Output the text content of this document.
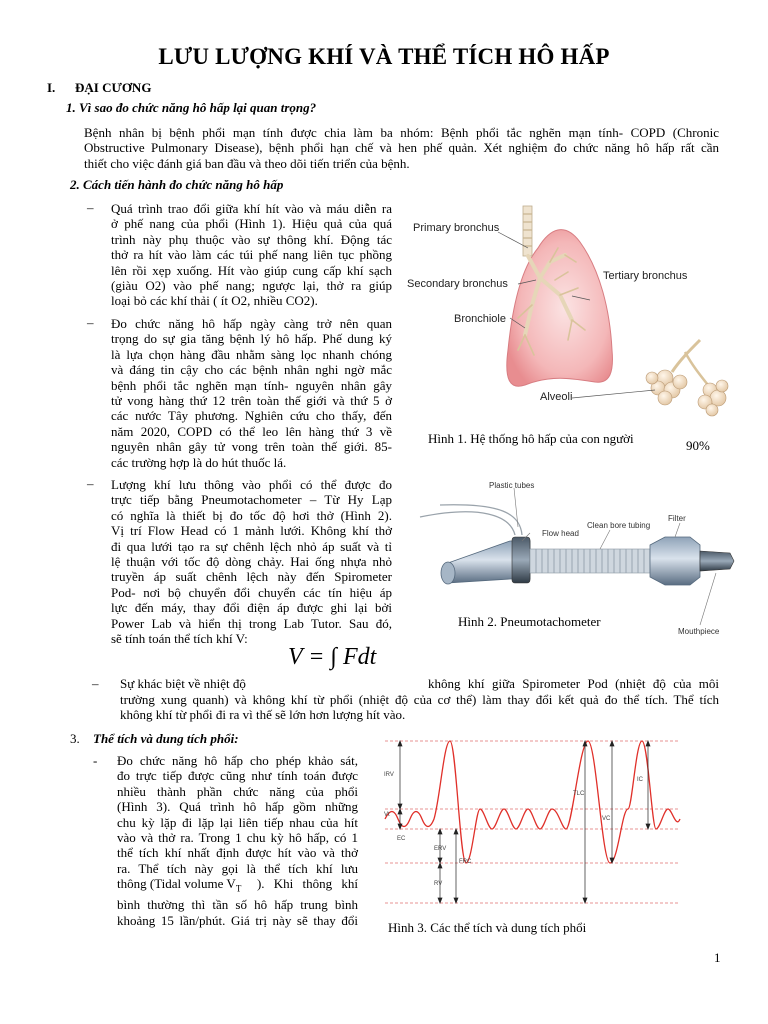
LƯU LƯỢNG KHÍ VÀ THỂ TÍCH HÔ HẤP
I. ĐẠI CƯƠNG
1. Vì sao đo chức năng hô hấp lại quan trọng?
Bệnh nhân bị bệnh phổi mạn tính được chia làm ba nhóm: Bệnh phổi tắc nghẽn mạn tính- COPD (Chronic
Obstructive Pulmonary Disease), bệnh phổi hạn chế và hen phế quản. Xét nghiệm đo chức năng hô hấp rất cần
thiết cho việc đánh giá ban đầu và theo dõi tiến triển của bệnh.
2. Cách tiến hành đo chức năng hô hấp
– Quá trình trao đổi giữa khí hít vào và máu diễn ra
ở phế nang của phổi (Hình 1). Hiệu quả của quá
trình này phụ thuộc vào sự thông khí. Động tác
thở ra hít vào làm các túi phế nang liên tục phồng
lên rồi xẹp xuống. Hít vào giúp cung cấp khí sạch
(giàu O2) vào phế nang; ngược lại, thở ra giúp
loại bỏ các khí thải ( ít O2, nhiều CO2).
– Đo chức năng hô hấp ngày càng trở nên quan
trọng do sự gia tăng bệnh lý hô hấp. Phế dung ký
là lựa chọn hàng đầu nhằm sàng lọc nhanh chóng
và đáng tin cậy cho các bệnh nhân nghi ngờ mắc
bệnh phổi tắc nghẽn mạn tính- nguyên nhân gây
tử vong hàng thứ 12 trên toàn thế giới và thứ 5 ở
các nước Tây phương. Nghiên cứu cho thấy, đến
năm 2020, COPD có thể leo lên hàng thứ 3 về
nguyên nhân gây tử vong trên toàn thế giới. 85-
các trường hợp là do hút thuốc lá.
– Lượng khí lưu thông vào phổi có thể được đo
trực tiếp bằng Pneumotachometer – Từ Hy Lạp
có nghĩa là thiết bị đo tốc độ hơi thở (Hình 2).
Vị trí Flow Head có 1 mảnh lưới. Không khí thở
đi qua lưới tạo ra sự chênh lệch nhỏ áp suất và tỉ
lệ thuận với tốc độ dòng chảy. Hai ống nhựa nhỏ
truyền áp suất chênh lệch này đến Spirometer
Pod- nơi bộ chuyển đổi chuyển các tín hiệu áp
lực đến máy, thay đổi điện áp được ghi lại bởi
Power Lab và hiển thị trong Lab Tutor. Sau đó,
sẽ tính toán thể tích khí V:
V = ∫ Fdt
– Sự khác biệt về nhiệt độ	không khí giữa Spirometer Pod (nhiệt độ của môi
trường xung quanh) và không khí từ phổi (nhiệt độ của cơ thể) làm thay đổi kết quả đo thể tích. Thể tích
không khí từ phổi đi ra vì thế sẽ lớn hơn lượng hít vào.
3. Thể tích và dung tích phổi:
- Đo chức năng hô hấp cho phép khảo sát,
đo trực tiếp được cũng như tính toán được
nhiều thành phần chức năng của phổi
(Hình 3). Quá trình hô hấp gồm những
chu kỳ lặp đi lặp lại liên tiếp nhau của hít
vào và thở ra. Trong 1 chu kỳ hô hấp, có 1
thể tích khí nhất định được hít vào và thở
ra. Thể tích này gọi là thể tích khí lưu
thông (Tidal volume $V_T$ ). Khi thông khí
bình thường thì tần số hô hấp trung bình
khoảng 15 lần/phút. Giá trị này sẽ thay đổi
Primary bronchus
Secondary bronchus
Tertiary bronchus
Bronchiole
Alveoli
Hình 1. Hệ thống hô hấp của con người	90%
Plastic tubes
Flow head
Clean bore tubing
Filter
Mouthpiece
Hình 2. Pneumotachometer
IRV
Vt
EC
ERV
RV
FRC
TLC
VC
IC
Hình 3. Các thể tích và dung tích phổi
1
